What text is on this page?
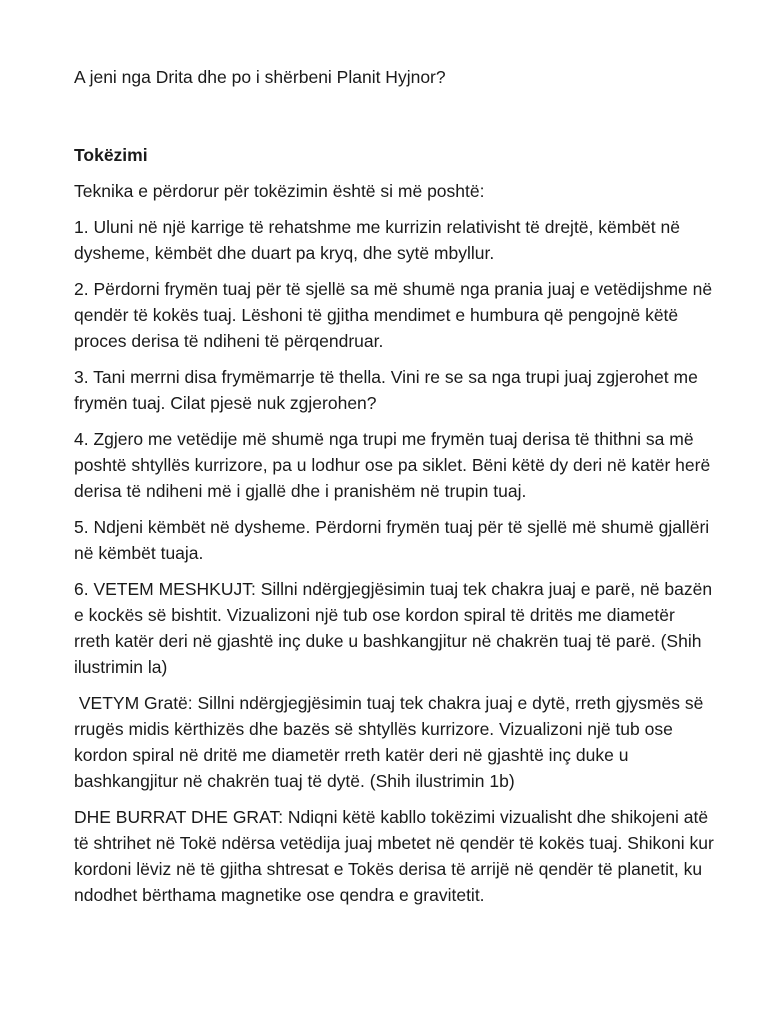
A jeni nga Drita dhe po i shërbeni Planit Hyjnor?

Tokëzimi

Teknika e përdorur për tokëzimin është si më poshtë:

1. Uluni në një karrige të rehatshme me kurrizin relativisht të drejtë, këmbët në dysheme, këmbët dhe duart pa kryq, dhe sytë mbyllur.

2. Përdorni frymën tuaj për të sjellë sa më shumë nga prania juaj e vetëdijshme në qendër të kokës tuaj. Lëshoni të gjitha mendimet e humbura që pengojnë këtë proces derisa të ndiheni të përqendruar.

3. Tani merrni disa frymëmarrje të thella. Vini re se sa nga trupi juaj zgjerohet me frymën tuaj. Cilat pjesë nuk zgjerohen?

4. Zgjero me vetëdije më shumë nga trupi me frymën tuaj derisa të thithni sa më poshtë shtyllës kurrizore, pa u lodhur ose pa siklet. Bëni këtë dy deri në katër herë derisa të ndiheni më i gjallë dhe i pranishëm në trupin tuaj.

5. Ndjeni këmbët në dysheme. Përdorni frymën tuaj për të sjellë më shumë gjallëri në këmbët tuaja.

6. VETEM MESHKUJT: Sillni ndërgjegjësimin tuaj tek chakra juaj e parë, në bazën e kockës së bishtit. Vizualizoni një tub ose kordon spiral të dritës me diametër rreth katër deri në gjashtë inç duke u bashkangjitur në chakrën tuaj të parë. (Shih ilustrimin la)

VETYM Gratë: Sillni ndërgjegjësimin tuaj tek chakra juaj e dytë, rreth gjysmës së rrugës midis kërthizës dhe bazës së shtyllës kurrizore. Vizualizoni një tub ose kordon spiral në dritë me diametër rreth katër deri në gjashtë inç duke u bashkangjitur në chakrën tuaj të dytë. (Shih ilustrimin 1b)

DHE BURRAT DHE GRAT: Ndiqni këtë kabllo tokëzimi vizualisht dhe shikojeni atë të shtrihet në Tokë ndërsa vetëdija juaj mbetet në qendër të kokës tuaj. Shikoni kur kordoni lëviz në të gjitha shtresat e Tokës derisa të arrijë në qendër të planetit, ku ndodhet bërthama magnetike ose qendra e gravitetit.
